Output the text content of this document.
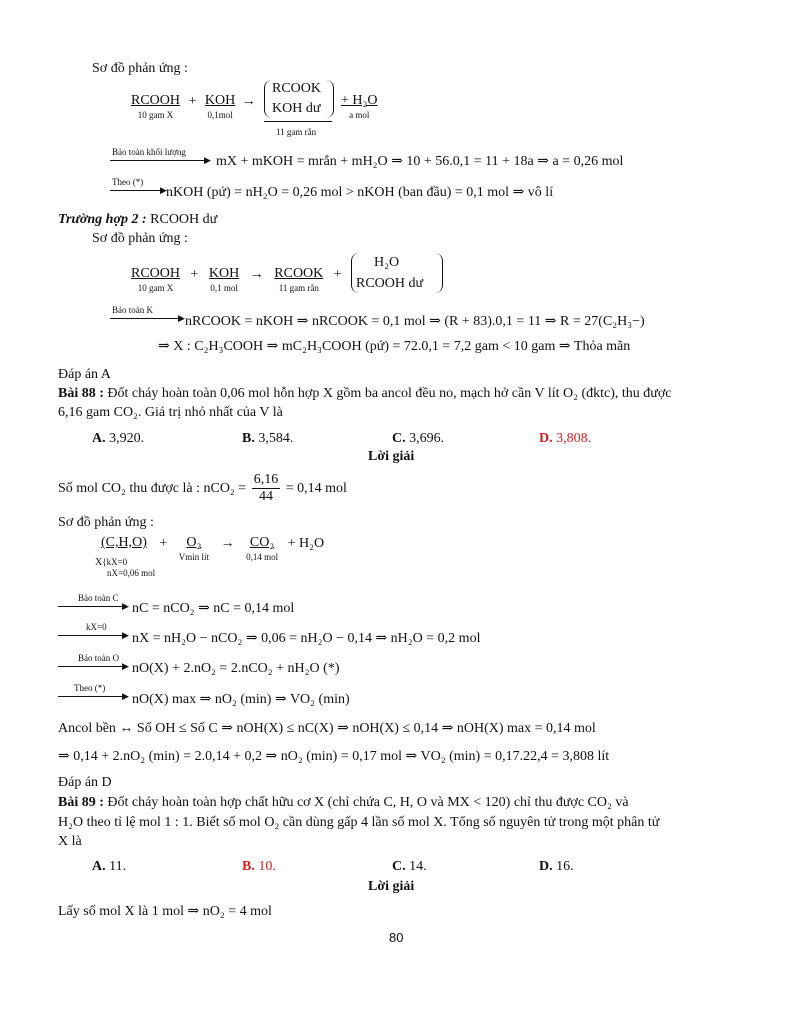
Sơ đồ phản ứng :
RCOOH
10 gam X
+ KOH
0,1mol
→
RCOOK
KOH dư
11 gam rắn
+ H₂O
a mol
Bảo toàn khối lượng
▶ mX + mKOH = mrắn + mH₂O ⇒ 10 + 56.0,1 = 11 + 18a ⇒ a = 0,26 mol
Theo (*)
▶ nKOH (pứ) = nH₂O = 0,26 mol > nKOH (ban đầu) = 0,1 mol ⇒ vô lí
Trường hợp 2 : RCOOH dư
Sơ đồ phản ứng :
RCOOH
10 gam X
+ KOH
0,1 mol
→ RCOOK
11 gam rắn
+
H₂O
RCOOH dư
Bảo toàn K
▶ nRCOOK = nKOH ⇒ nRCOOK = 0,1 mol ⇒ (R + 83).0,1 = 11 ⇒ R = 27(C₂H₃−)
⇒ X : C₂H₃COOH ⇒ mC₂H₃COOH (pứ) = 72.0,1 = 7,2 gam < 10 gam ⇒ Thỏa mãn
Đáp án A
Bài 88 : Đốt cháy hoàn toàn 0,06 mol hỗn hợp X gồm ba ancol đều no, mạch hở cần V lít O₂ (đktc), thu được
6,16 gam CO₂. Giá trị nhỏ nhất của V là
A. 3,920.	B. 3,584.	C. 3,696.	D. 3,808.
Lời giải
Số mol CO₂ thu được là : $nCO_2 = \frac{6,16}{44} = 0,14$ mol
Sơ đồ phản ứng :
(C,H,O) +	O₂
Vmin lít
→ CO₂
0,14 mol
+ H₂O
X{kX=0
nX=0,06 mol
Bảo toàn C
▶ nC = nCO₂ ⇒ nC = 0,14 mol
kX=0
▶ nX = nH₂O − nCO₂ ⇒ 0,06 = nH₂O − 0,14 ⇒ nH₂O = 0,2 mol
Bảo toàn O
▶ nO(X) + 2.nO₂ = 2.nCO₂ + nH₂O (*)
Theo (*)
▶ nO(X) max ⇒ nO₂ (min) ⇒ VO₂ (min)
Ancol bền ↔ Số OH ≤ Số C ⇒ nOH(X) ≤ nC(X) ⇒ nOH(X) ≤ 0,14 ⇒ nOH(X) max = 0,14 mol
⇒ 0,14 + 2.nO₂ (min) = 2.0,14 + 0,2 ⇒ nO₂ (min) = 0,17 mol ⇒ VO₂ (min) = 0,17.22,4 = 3,808 lít
Đáp án D
Bài 89 : Đốt cháy hoàn toàn hợp chất hữu cơ X (chỉ chứa C, H, O và MX < 120) chỉ thu được CO₂ và
H₂O theo tỉ lệ mol 1 : 1. Biết số mol O₂ cần dùng gấp 4 lần số mol X. Tổng số nguyên tử trong một phân tử
X là
A. 11.	B. 10.	C. 14.	D. 16.
Lời giải
Lấy số mol X là 1 mol ⇒ nO₂ = 4 mol
80
